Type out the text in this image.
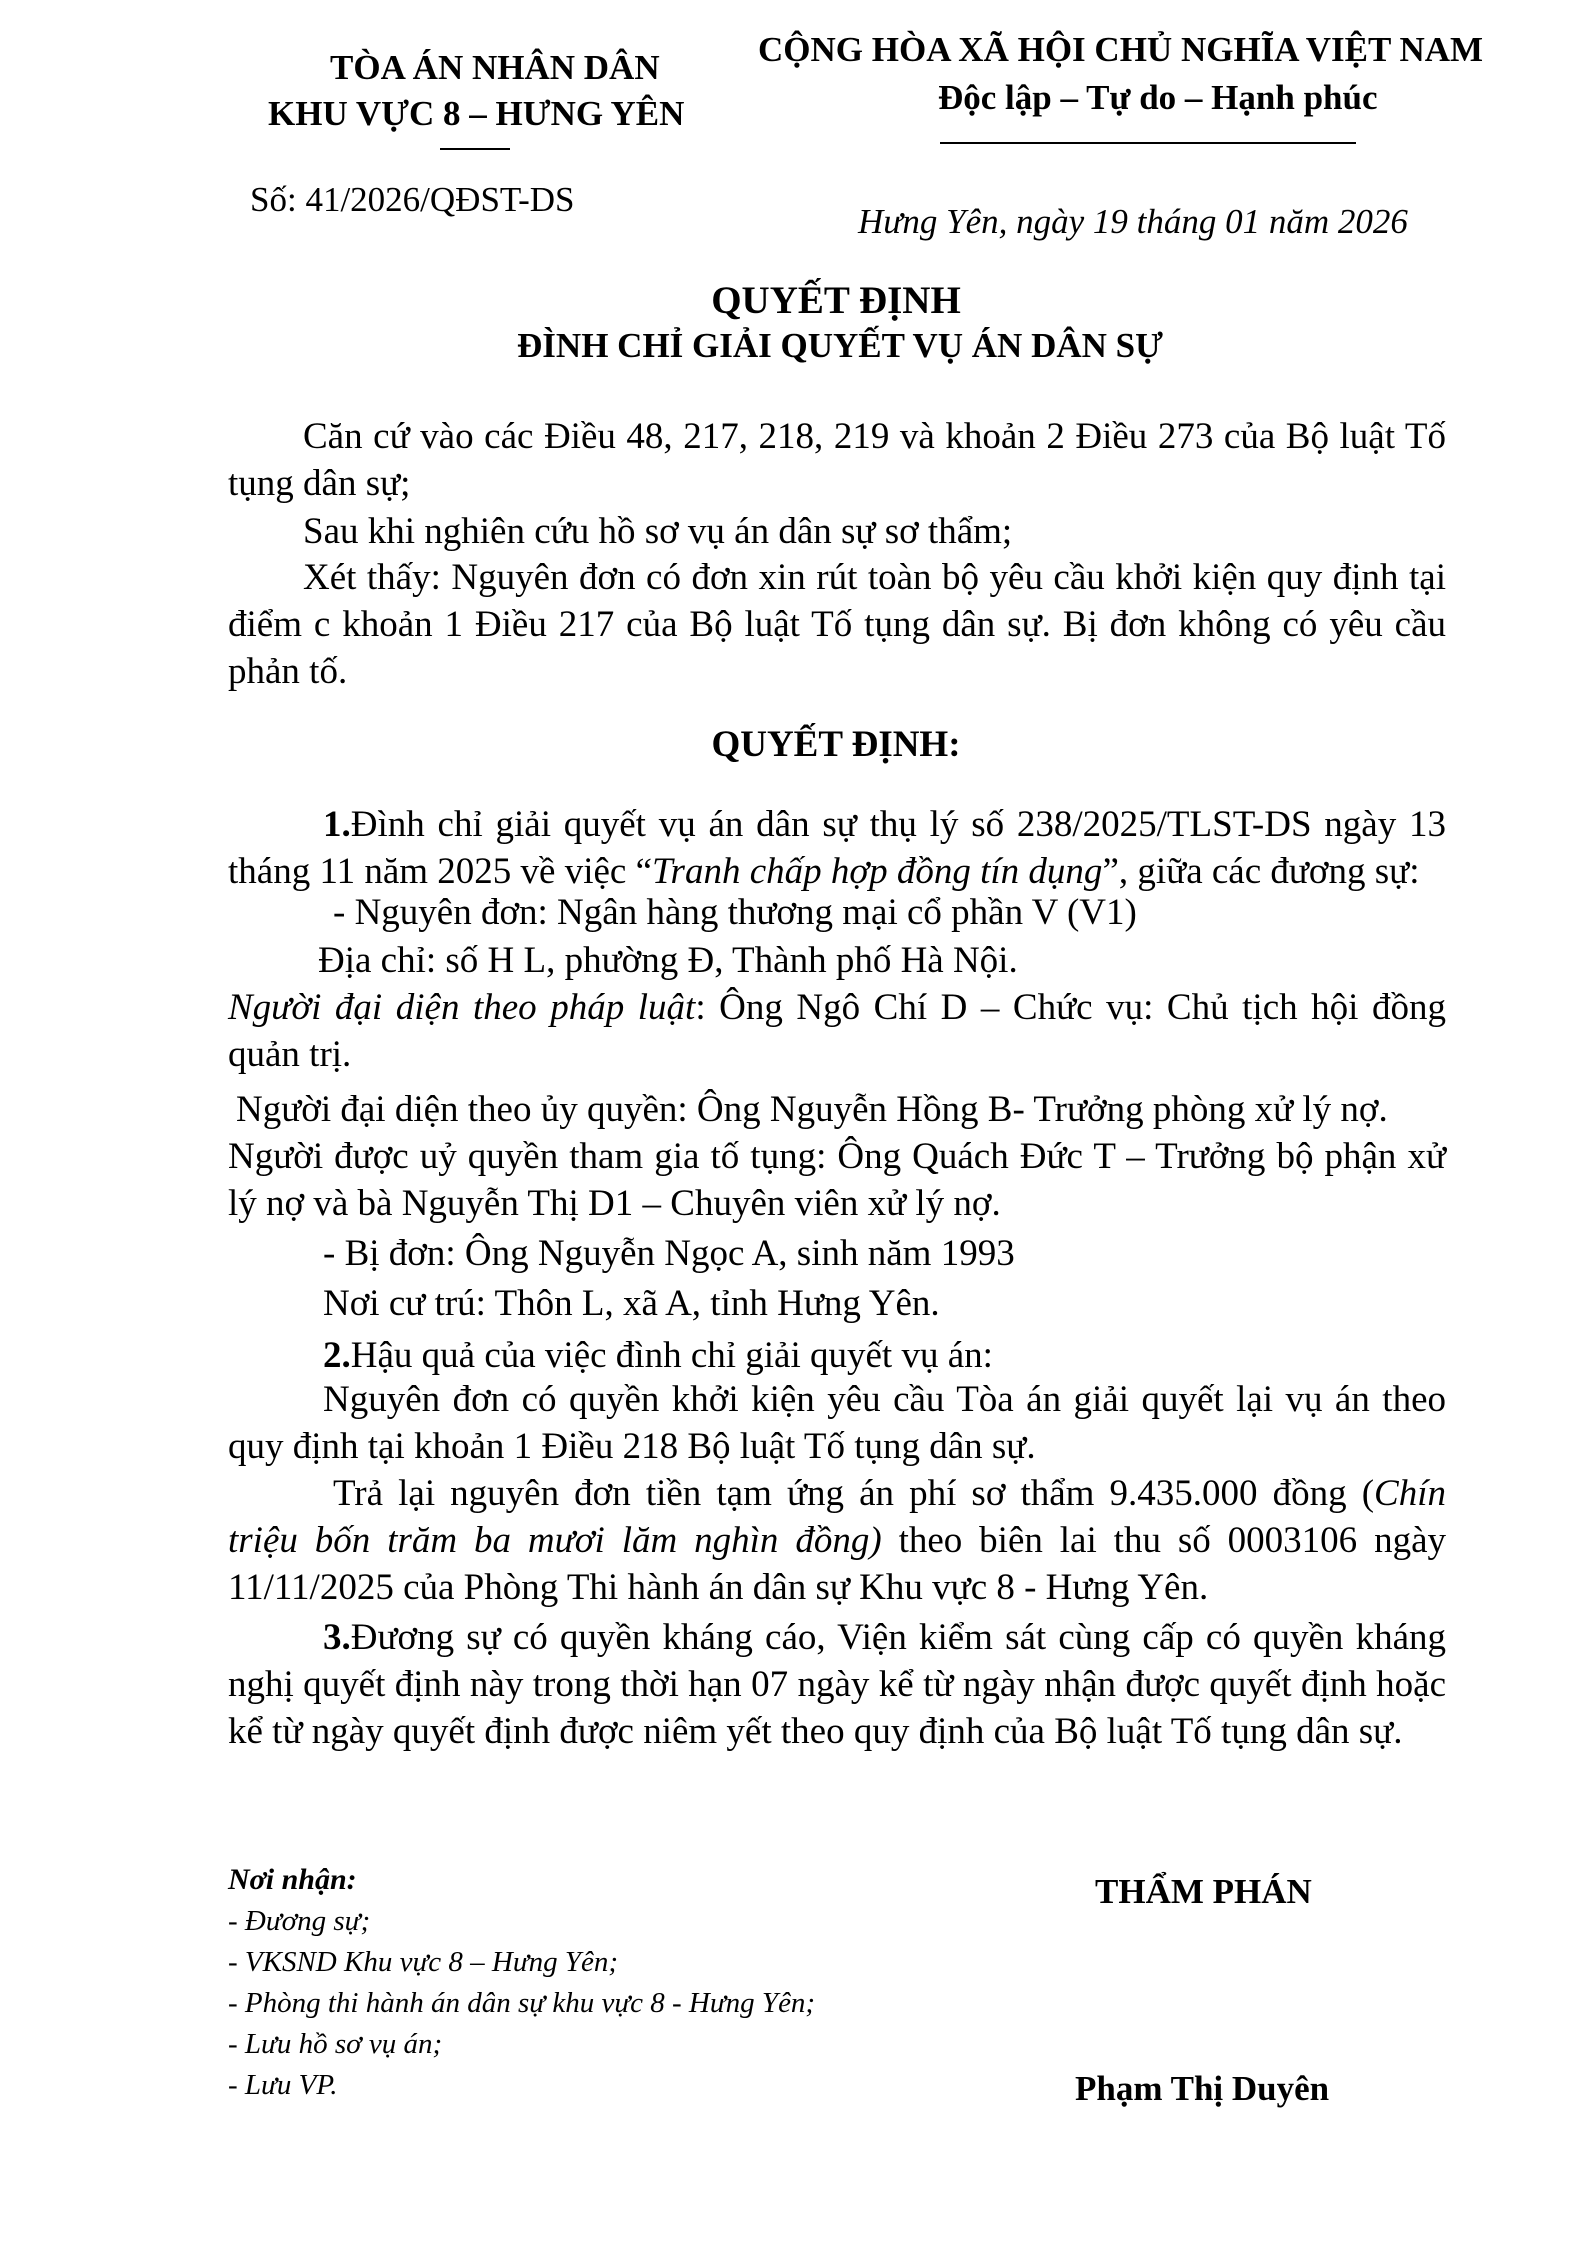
TÒA ÁN NHÂN DÂN
KHU VỰC 8 – HƯNG YÊN
Số: 41/2026/QĐST-DS
CỘNG HÒA XÃ HỘI CHỦ NGHĨA VIỆT NAM
Độc lập – Tự do – Hạnh phúc
Hưng Yên, ngày 19 tháng 01 năm 2026
QUYẾT ĐỊNH
ĐÌNH CHỈ GIẢI QUYẾT VỤ ÁN DÂN SỰ
Căn cứ vào các Điều 48, 217, 218, 219 và khoản 2 Điều 273 của Bộ luật Tố tụng dân sự;
Sau khi nghiên cứu hồ sơ vụ án dân sự sơ thẩm;
Xét thấy: Nguyên đơn có đơn xin rút toàn bộ yêu cầu khởi kiện quy định tại điểm c khoản 1 Điều 217 của Bộ luật Tố tụng dân sự. Bị đơn không có yêu cầu phản tố.
QUYẾT ĐỊNH:
1.Đình chỉ giải quyết vụ án dân sự thụ lý số 238/2025/TLST-DS ngày 13 tháng 11 năm 2025 về việc “Tranh chấp hợp đồng tín dụng”, giữa các đương sự:
- Nguyên đơn: Ngân hàng thương mại cổ phần V (V1)
Địa chỉ: số H L, phường Đ, Thành phố Hà Nội.
Người đại diện theo pháp luật: Ông Ngô Chí D – Chức vụ: Chủ tịch hội đồng quản trị.
Người đại diện theo ủy quyền: Ông Nguyễn Hồng B- Trưởng phòng xử lý nợ.
Người được uỷ quyền tham gia tố tụng: Ông Quách Đức T – Trưởng bộ phận xử lý nợ và bà Nguyễn Thị D1 – Chuyên viên xử lý nợ.
- Bị đơn: Ông Nguyễn Ngọc A, sinh năm 1993
Nơi cư trú: Thôn L, xã A, tỉnh Hưng Yên.
2.Hậu quả của việc đình chỉ giải quyết vụ án:
Nguyên đơn có quyền khởi kiện yêu cầu Tòa án giải quyết lại vụ án theo quy định tại khoản 1 Điều 218 Bộ luật Tố tụng dân sự.
Trả lại nguyên đơn tiền tạm ứng án phí sơ thẩm 9.435.000 đồng (Chín triệu bốn trăm ba mươi lăm nghìn đồng) theo biên lai thu số 0003106 ngày 11/11/2025 của Phòng Thi hành án dân sự Khu vực 8 - Hưng Yên.
3.Đương sự có quyền kháng cáo, Viện kiểm sát cùng cấp có quyền kháng nghị quyết định này trong thời hạn 07 ngày kể từ ngày nhận được quyết định hoặc kể từ ngày quyết định được niêm yết theo quy định của Bộ luật Tố tụng dân sự.
Nơi nhận:
- Đương sự;
- VKSND Khu vực 8 – Hưng Yên;
- Phòng thi hành án dân sự khu vực 8 - Hưng Yên;
- Lưu hồ sơ vụ án;
- Lưu VP.
THẨM PHÁN
Phạm Thị Duyên
